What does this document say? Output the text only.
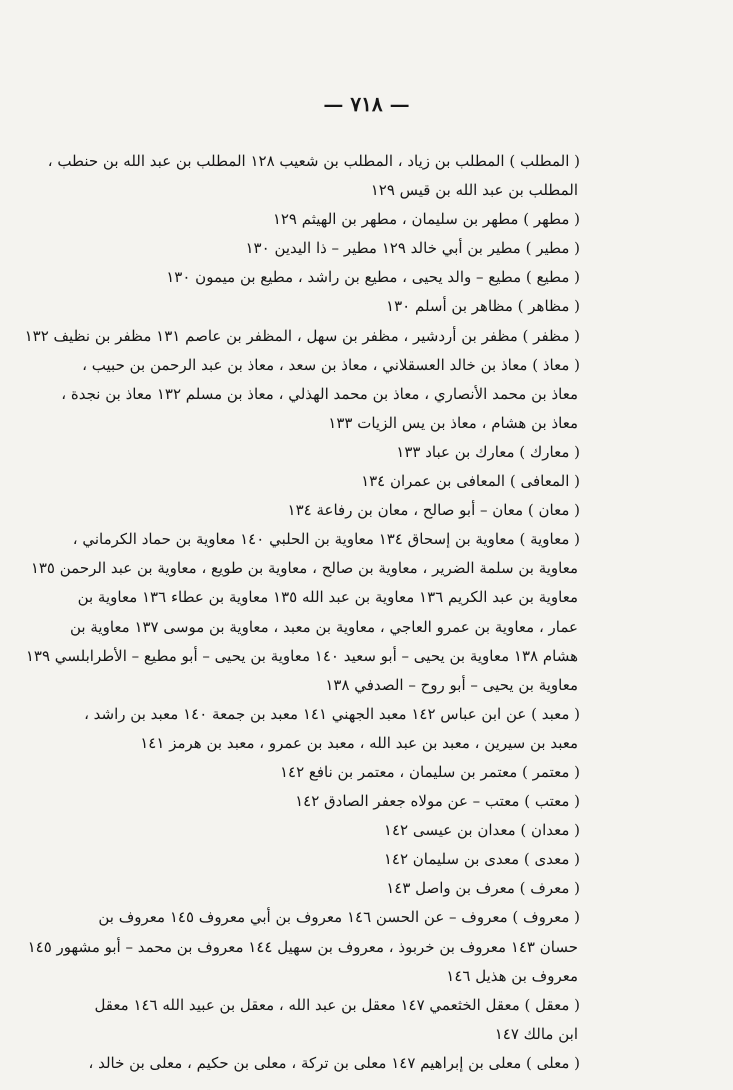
— ٧١٨ —
( المطلب ) المطلب بن زياد ، المطلب بن شعيب ١٢٨ المطلب بن عبد الله بن حنطب ،
المطلب بن عبد الله بن قيس ١٢٩
( مطهر ) مطهر بن سليمان ، مطهر بن الهيثم ١٢٩
( مطير ) مطير بن أبي خالد ١٢٩ مطير – ذا اليدين ١٣٠
( مطيع ) مطيع – والد يحيى ، مطيع بن راشد ، مطيع بن ميمون ١٣٠
( مظاهر ) مظاهر بن أسلم ١٣٠
( مظفر ) مظفر بن أردشير ، مظفر بن سهل ، المظفر بن عاصم ١٣١ مظفر بن نظيف ١٣٢
( معاذ ) معاذ بن خالد العسقلاني ، معاذ بن سعد ، معاذ بن عبد الرحمن بن حبيب ،
معاذ بن محمد الأنصاري ، معاذ بن محمد الهذلي ، معاذ بن مسلم ١٣٢ معاذ بن نجدة ،
معاذ بن هشام ، معاذ بن يس الزيات ١٣٣
( معارك ) معارك بن عباد ١٣٣
( المعافى ) المعافى بن عمران ١٣٤
( معان ) معان – أبو صالح ، معان بن رفاعة ١٣٤
( معاوية ) معاوية بن إسحاق ١٣٤ معاوية بن الحلبي ١٤٠ معاوية بن حماد الكرماني ،
معاوية بن سلمة الضرير ، معاوية بن صالح ، معاوية بن طويع ، معاوية بن عبد الرحمن ١٣٥
معاوية بن عبد الكريم ١٣٦ معاوية بن عبد الله ١٣٥ معاوية بن عطاء ١٣٦ معاوية بن
عمار ، معاوية بن عمرو العاجي ، معاوية بن معبد ، معاوية بن موسى ١٣٧ معاوية بن
هشام ١٣٨ معاوية بن يحيى – أبو سعيد ١٤٠ معاوية بن يحيى – أبو مطيع – الأطرابلسي ١٣٩
معاوية بن يحيى – أبو روح – الصدفي ١٣٨
( معبد ) عن ابن عباس ١٤٢ معبد الجهني ١٤١ معبد بن جمعة ١٤٠ معبد بن راشد ،
معبد بن سيرين ، معبد بن عبد الله ، معبد بن عمرو ، معبد بن هرمز ١٤١
( معتمر ) معتمر بن سليمان ، معتمر بن نافع ١٤٢
( معتب ) معتب – عن مولاه جعفر الصادق ١٤٢
( معدان ) معدان بن عيسى ١٤٢
( معدى ) معدى بن سليمان ١٤٢
( معرف ) معرف بن واصل ١٤٣
( معروف ) معروف – عن الحسن ١٤٦ معروف بن أبي معروف ١٤٥ معروف بن
حسان ١٤٣ معروف بن خربوذ ، معروف بن سهيل ١٤٤ معروف بن محمد – أبو مشهور ١٤٥
معروف بن هذيل ١٤٦
( معقل ) معقل الخثعمي ١٤٧ معقل بن عبد الله ، معقل بن عبيد الله ١٤٦ معقل
ابن مالك ١٤٧
( معلى ) معلى بن إبراهيم ١٤٧ معلى بن تركة ، معلى بن حكيم ، معلى بن خالد ،
